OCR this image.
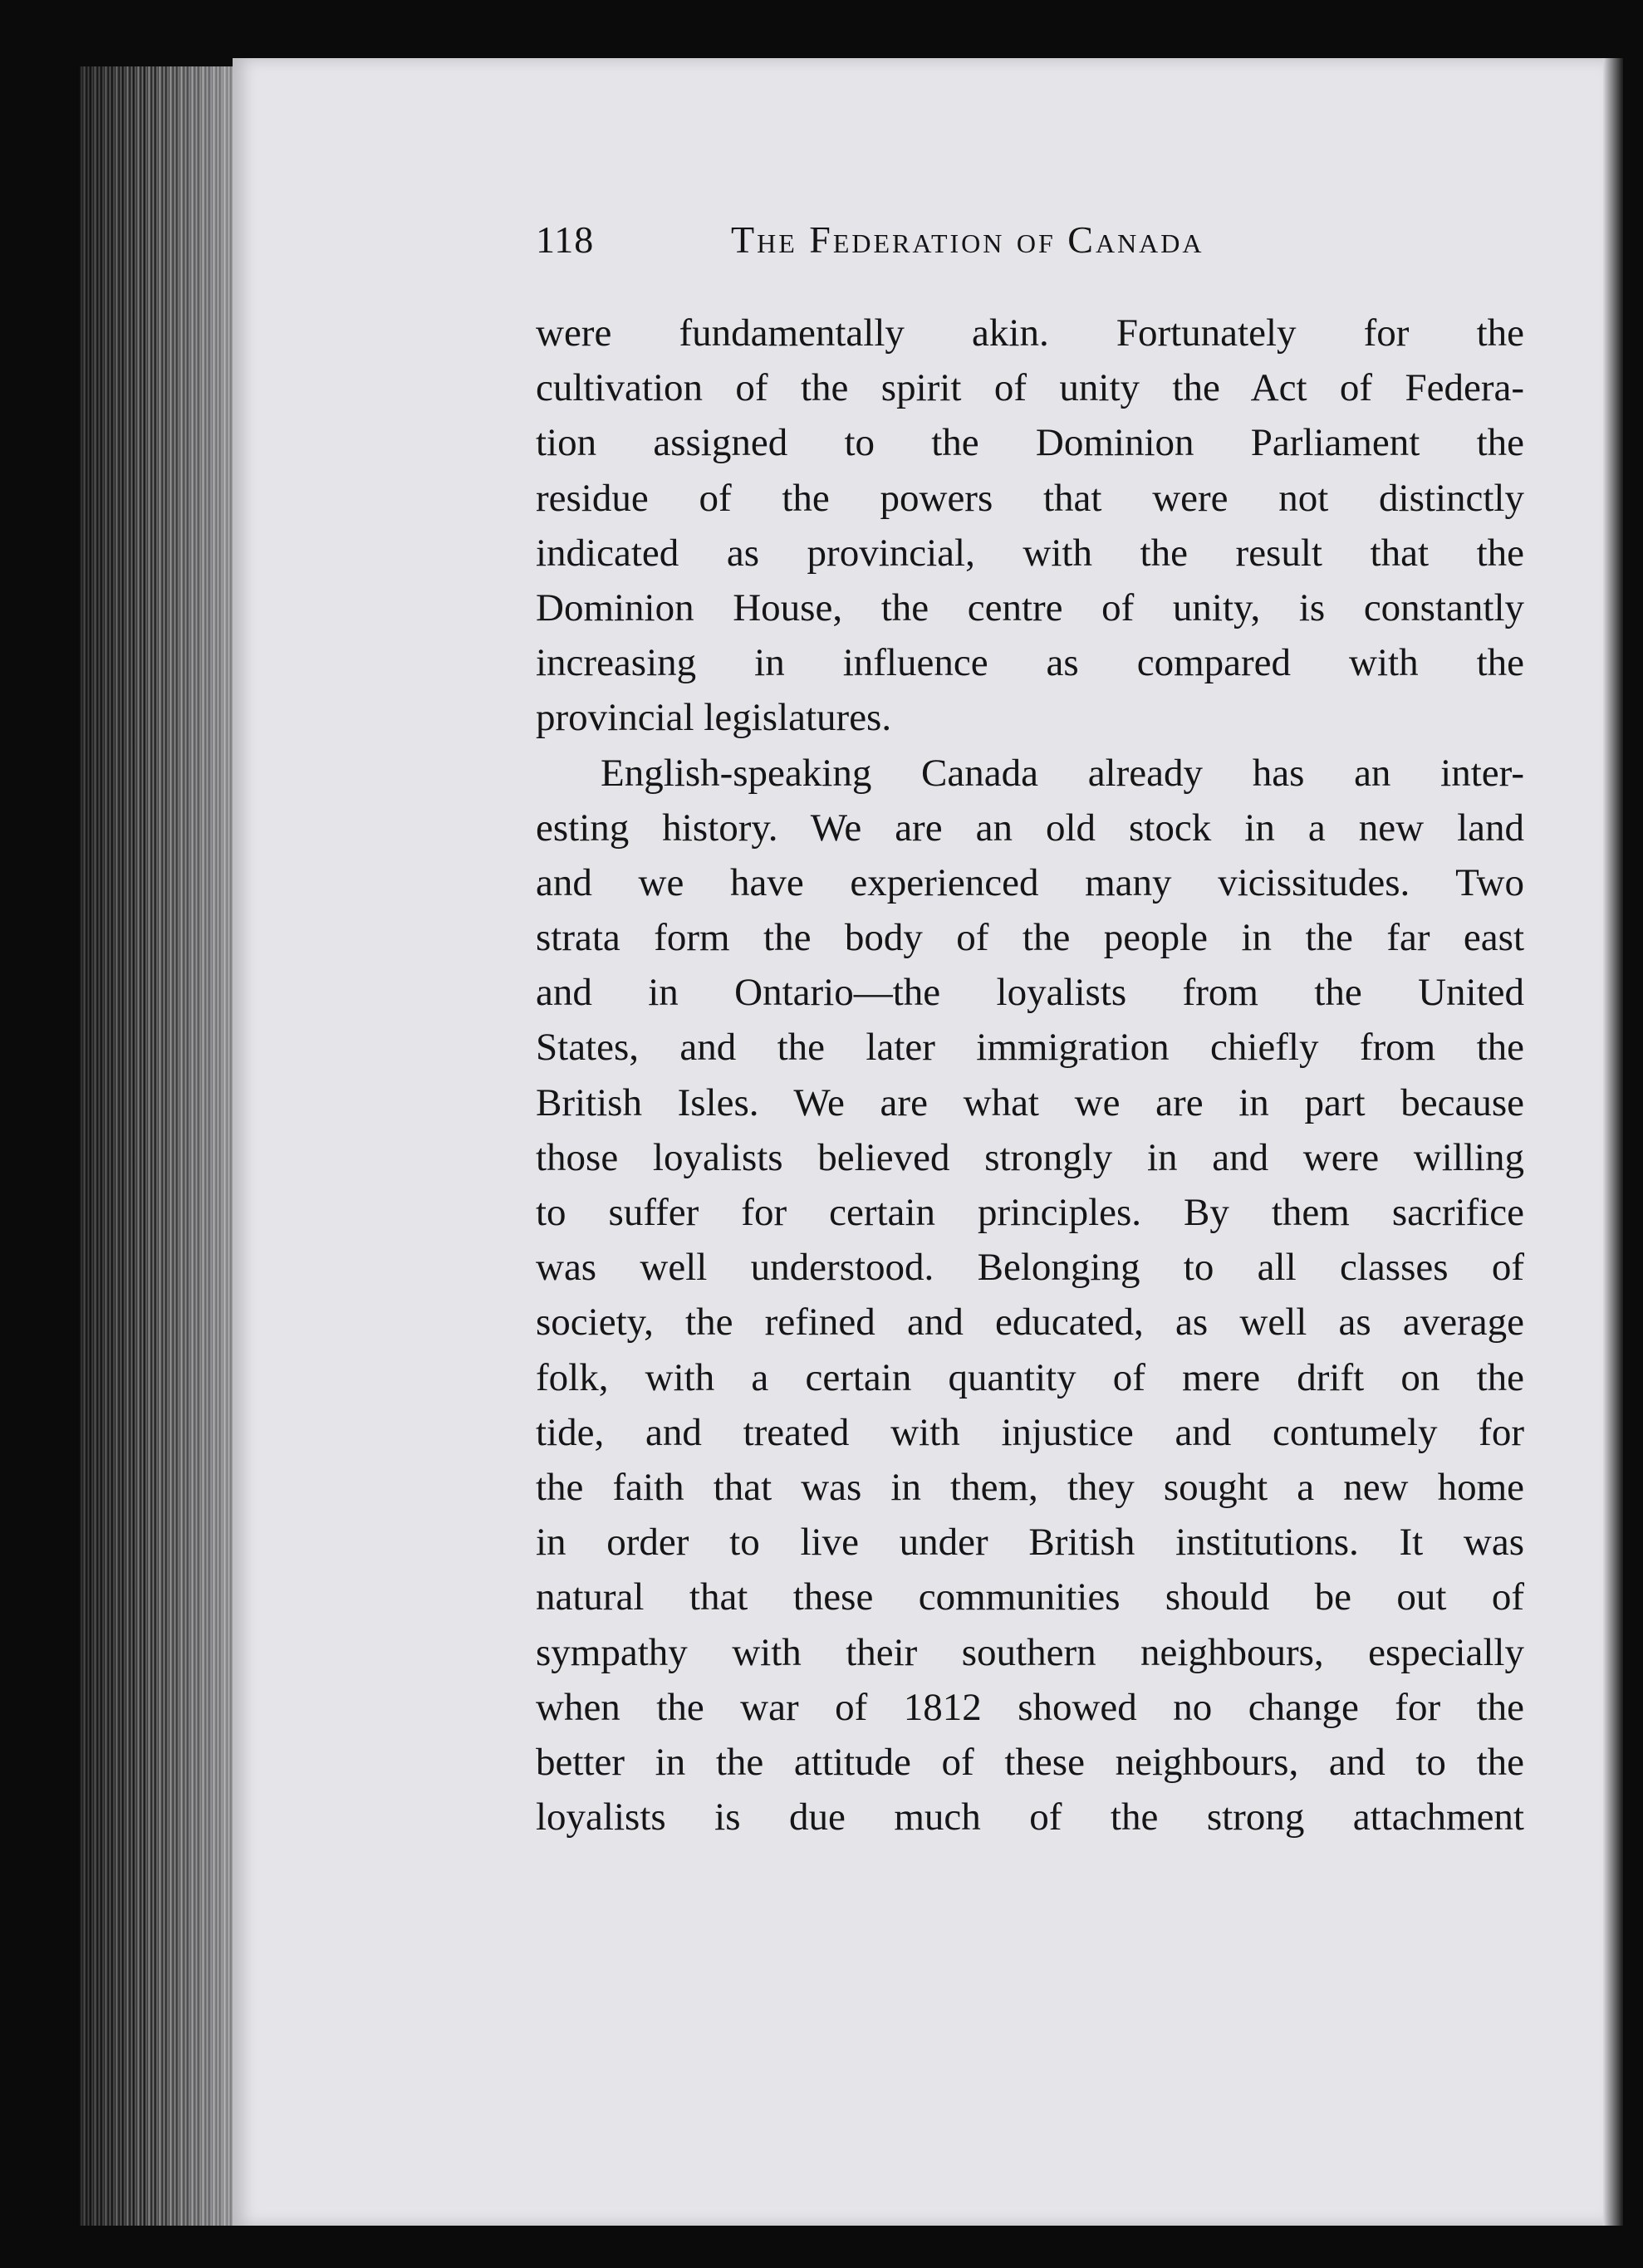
118	The Federation of Canada
were fundamentally akin. Fortunately for the
cultivation of the spirit of unity the Act of Federa-
tion assigned to the Dominion Parliament the
residue of the powers that were not distinctly
indicated as provincial, with the result that the
Dominion House, the centre of unity, is constantly
increasing in influence as compared with the
provincial legislatures.
English-speaking Canada already has an inter-
esting history. We are an old stock in a new land
and we have experienced many vicissitudes. Two
strata form the body of the people in the far east
and in Ontario—the loyalists from the United
States, and the later immigration chiefly from the
British Isles. We are what we are in part because
those loyalists believed strongly in and were willing
to suffer for certain principles. By them sacrifice
was well understood. Belonging to all classes of
society, the refined and educated, as well as average
folk, with a certain quantity of mere drift on the
tide, and treated with injustice and contumely for
the faith that was in them, they sought a new home
in order to live under British institutions. It was
natural that these communities should be out of
sympathy with their southern neighbours, especially
when the war of 1812 showed no change for the
better in the attitude of these neighbours, and to the
loyalists is due much of the strong attachment
